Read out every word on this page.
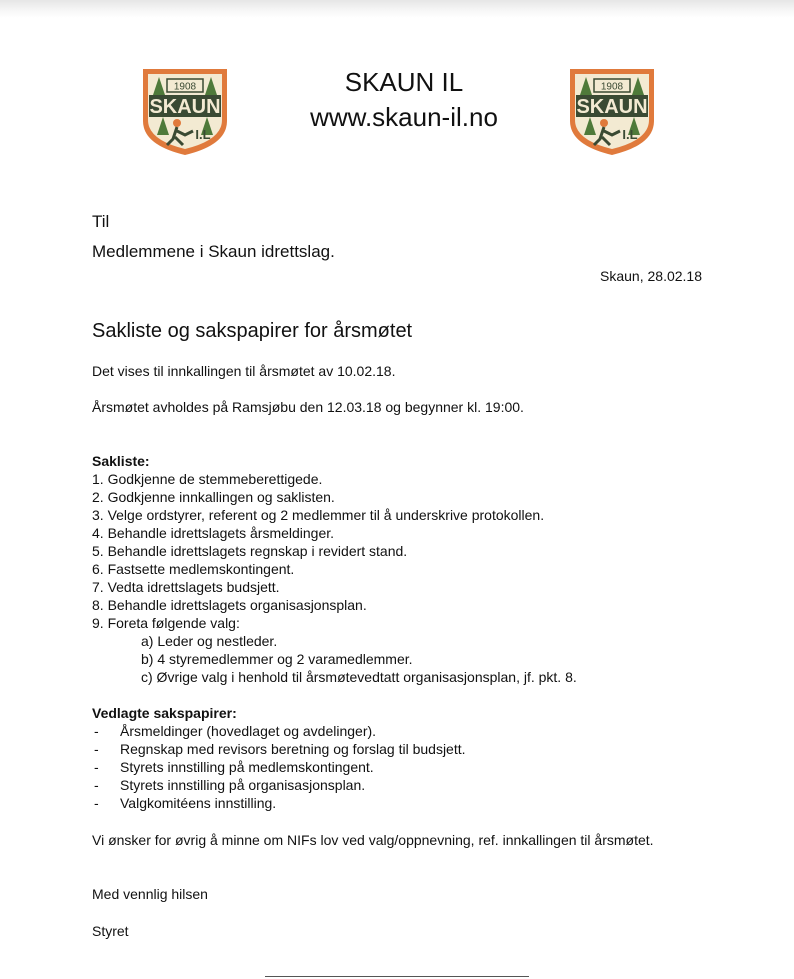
1908
SKAUN
I.L
1908
SKAUN
I.L
SKAUN IL
www.skaun-il.no
Til
Medlemmene i Skaun idrettslag.
Skaun, 28.02.18
Sakliste og sakspapirer for årsmøtet
Det vises til innkallingen til årsmøtet av 10.02.18.
Årsmøtet avholdes på Ramsjøbu den 12.03.18 og begynner kl. 19:00.
Sakliste:
1. Godkjenne de stemmeberettigede.
2. Godkjenne innkallingen og saklisten.
3. Velge ordstyrer, referent og 2 medlemmer til å underskrive protokollen.
4. Behandle idrettslagets årsmeldinger.
5. Behandle idrettslagets regnskap i revidert stand.
6. Fastsette medlemskontingent.
7. Vedta idrettslagets budsjett.
8. Behandle idrettslagets organisasjonsplan.
9. Foreta følgende valg:
a) Leder og nestleder.
b) 4 styremedlemmer og 2 varamedlemmer.
c) Øvrige valg i henhold til årsmøtevedtatt organisasjonsplan, jf. pkt. 8.
Vedlagte sakspapirer:
-	Årsmeldinger (hovedlaget og avdelinger).
-	Regnskap med revisors beretning og forslag til budsjett.
-	Styrets innstilling på medlemskontingent.
-	Styrets innstilling på organisasjonsplan.
-	Valgkomitéens innstilling.
Vi ønsker for øvrig å minne om NIFs lov ved valg/oppnevning, ref. innkallingen til årsmøtet.
Med vennlig hilsen
Styret
